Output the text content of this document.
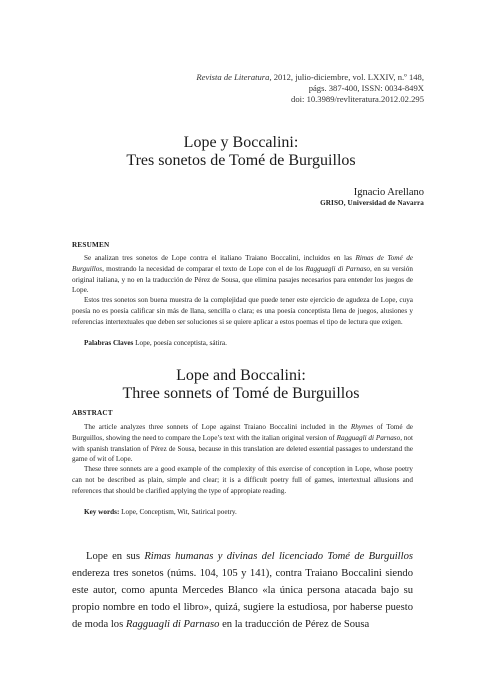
Revista de Literatura, 2012, julio-diciembre, vol. LXXIV, n.º 148,
págs. 387-400, ISSN: 0034-849X
doi: 10.3989/revliteratura.2012.02.295
Lope y Boccalini:
Tres sonetos de Tomé de Burguillos
Ignacio Arellano
GRISO, Universidad de Navarra
RESUMEN
Se analizan tres sonetos de Lope contra el italiano Traiano Boccalini, incluidos en las Rimas de Tomé de Burguillos, mostrando la necesidad de comparar el texto de Lope con el de los Ragguagli di Parnaso, en su versión original italiana, y no en la traducción de Pérez de Sousa, que elimina pasajes necesarios para entender los juegos de Lope.
Estos tres sonetos son buena muestra de la complejidad que puede tener este ejercicio de agudeza de Lope, cuya poesía no es poesía calificar sin más de llana, sencilla o clara; es una poesía conceptista llena de juegos, alusiones y referencias intertextuales que deben ser soluciones si se quiere aplicar a estos poemas el tipo de lectura que exigen.
Palabras Claves Lope, poesía conceptista, sátira.
Lope and Boccalini:
Three sonnets of Tomé de Burguillos
ABSTRACT
The article analyzes three sonnets of Lope against Traiano Boccalini included in the Rhymes of Tomé de Burguillos, showing the need to compare the Lope’s text with the italian original version of Ragguagli di Parnaso, not with spanish translation of Pérez de Sousa, because in this translation are deleted essential passages to understand the game of wit of Lope.
These three sonnets are a good example of the complexity of this exercise of conception in Lope, whose poetry can not be described as plain, simple and clear; it is a difficult poetry full of games, intertextual allusions and references that should be clarified applying the type of appropiate reading.
Key words: Lope, Conceptism, Wit, Satirical poetry.
Lope en sus Rimas humanas y divinas del licenciado Tomé de Burguillos endereza tres sonetos (núms. 104, 105 y 141), contra Traiano Boccalini siendo este autor, como apunta Mercedes Blanco «la única persona atacada bajo su propio nombre en todo el libro», quizá, sugiere la estudiosa, por haberse puesto de moda los Ragguagli di Parnaso en la traducción de Pérez de Sousa
